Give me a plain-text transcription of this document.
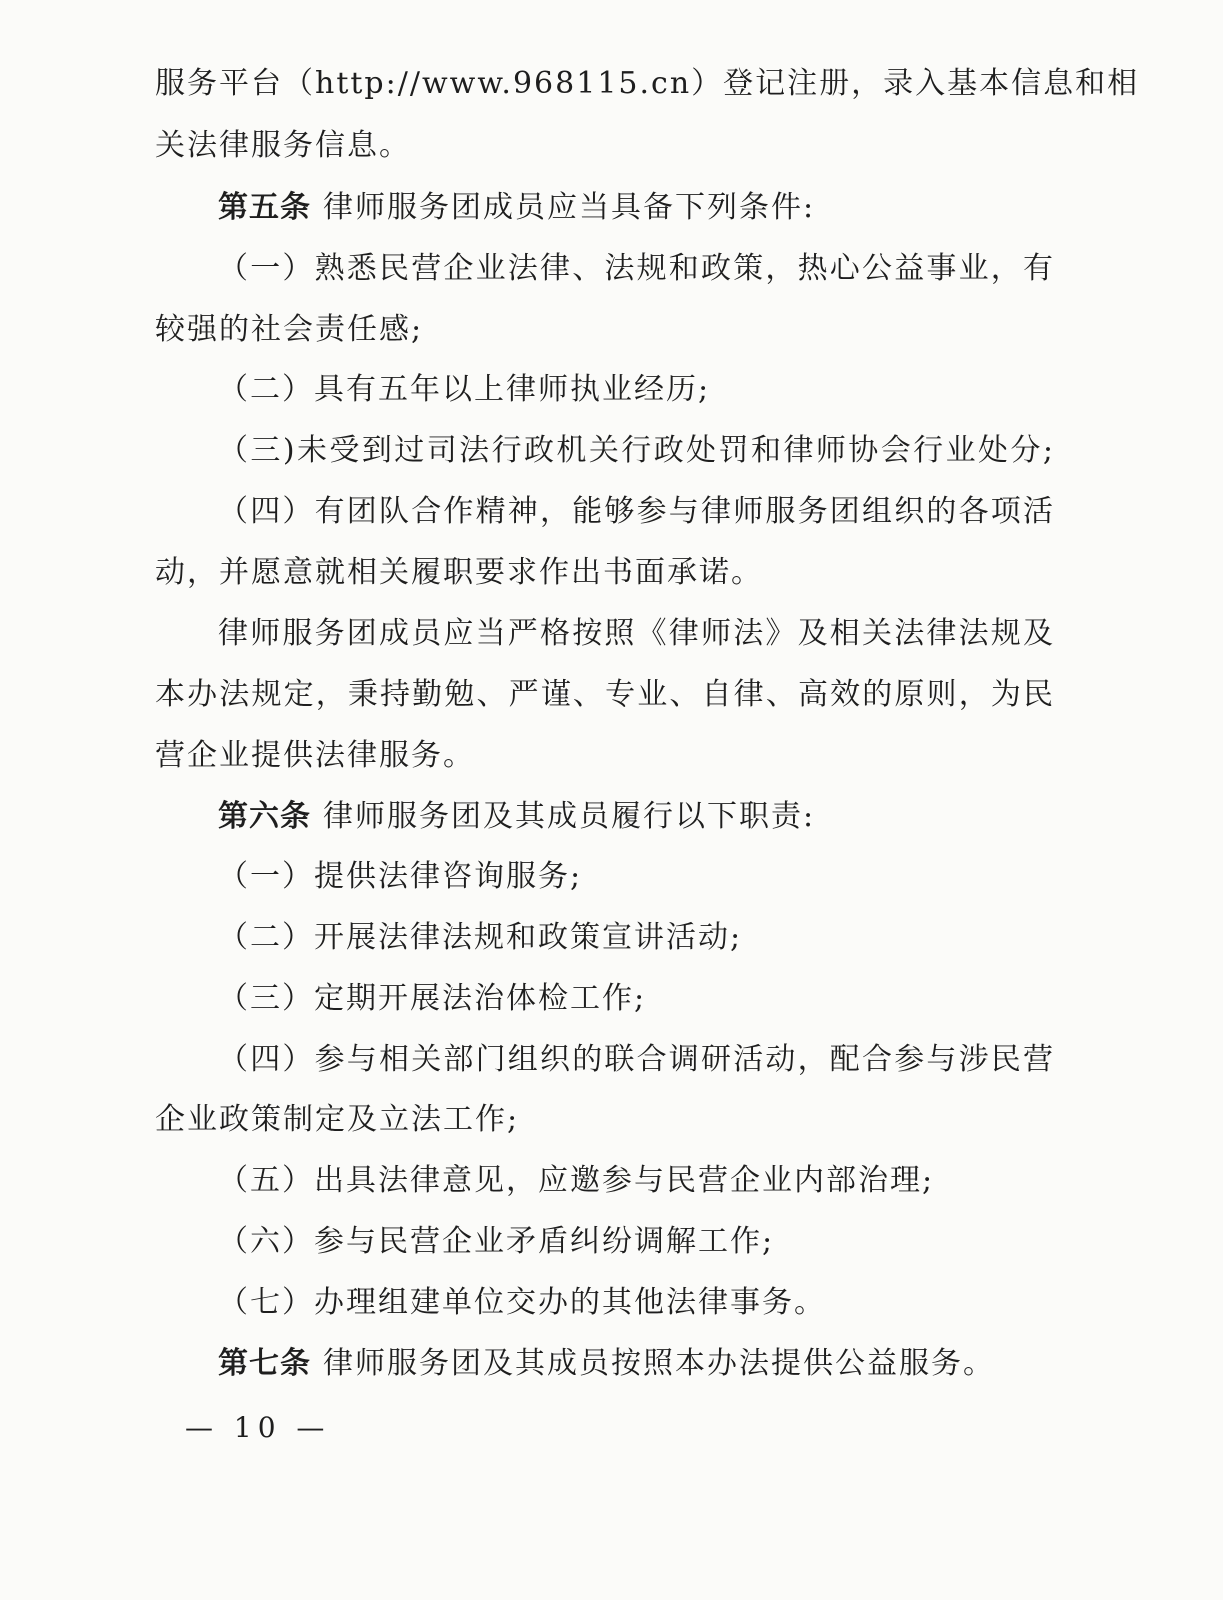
服务平台（http://www.968115.cn）登记注册，录入基本信息和相
关法律服务信息。
第五条 律师服务团成员应当具备下列条件:
（一）熟悉民营企业法律、法规和政策，热心公益事业，有
较强的社会责任感;
（二）具有五年以上律师执业经历;
（三)未受到过司法行政机关行政处罚和律师协会行业处分;
（四）有团队合作精神，能够参与律师服务团组织的各项活
动，并愿意就相关履职要求作出书面承诺。
律师服务团成员应当严格按照《律师法》及相关法律法规及
本办法规定，秉持勤勉、严谨、专业、自律、高效的原则，为民
营企业提供法律服务。
第六条 律师服务团及其成员履行以下职责:
（一）提供法律咨询服务;
（二）开展法律法规和政策宣讲活动;
（三）定期开展法治体检工作;
（四）参与相关部门组织的联合调研活动，配合参与涉民营
企业政策制定及立法工作;
（五）出具法律意见，应邀参与民营企业内部治理;
（六）参与民营企业矛盾纠纷调解工作;
（七）办理组建单位交办的其他法律事务。
第七条 律师服务团及其成员按照本办法提供公益服务。
— 10 —
